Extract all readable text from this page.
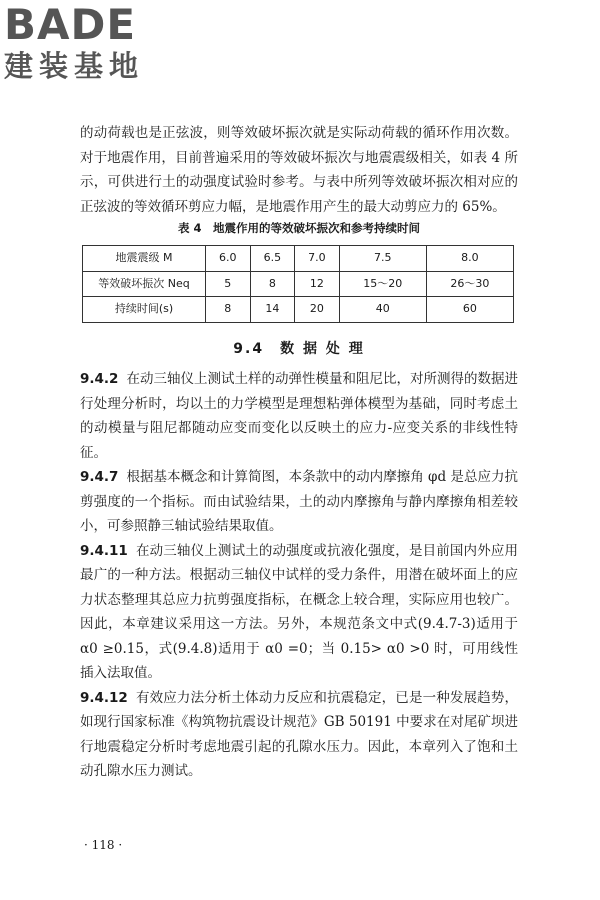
BADE
建装基地

的动荷载也是正弦波，则等效破坏振次就是实际动荷载的循环作用次数。对于地震作用，目前普遍采用的等效破坏振次与地震震级相关，如表 4 所示，可供进行土的动强度试验时参考。与表中所列等效破坏振次相对应的正弦波的等效循环剪应力幅，是地震作用产生的最大动剪应力的 65%。

表 4　地震作用的等效破坏振次和参考持续时间
地震震级 M	6.0	6.5	7.0	7.5	8.0
等效破坏振次 Neq	5	8	12	15～20	26～30
持续时间(s)	8	14	20	40	60
9.4　数 据 处 理

9.4.2 在动三轴仪上测试土样的动弹性模量和阻尼比，对所测得的数据进行处理分析时，均以土的力学模型是理想粘弹体模型为基础，同时考虑土的动模量与阻尼都随动应变而变化以反映土的应力-应变关系的非线性特征。

9.4.7 根据基本概念和计算简图，本条款中的动内摩擦角 φd 是总应力抗剪强度的一个指标。而由试验结果，土的动内摩擦角与静内摩擦角相差较小，可参照静三轴试验结果取值。

9.4.11 在动三轴仪上测试土的动强度或抗液化强度，是目前国内外应用最广的一种方法。根据动三轴仪中试样的受力条件，用潜在破坏面上的应力状态整理其总应力抗剪强度指标，在概念上较合理，实际应用也较广。因此，本章建议采用这一方法。另外，本规范条文中式(9.4.7-3)适用于 α0 ≥0.15，式(9.4.8)适用于 α0 =0；当 0.15> α0 >0 时，可用线性插入法取值。

9.4.12 有效应力法分析土体动力反应和抗震稳定，已是一种发展趋势，如现行国家标准《构筑物抗震设计规范》GB 50191 中要求在对尾矿坝进行地震稳定分析时考虑地震引起的孔隙水压力。因此，本章列入了饱和土动孔隙水压力测试。

· 118 ·
